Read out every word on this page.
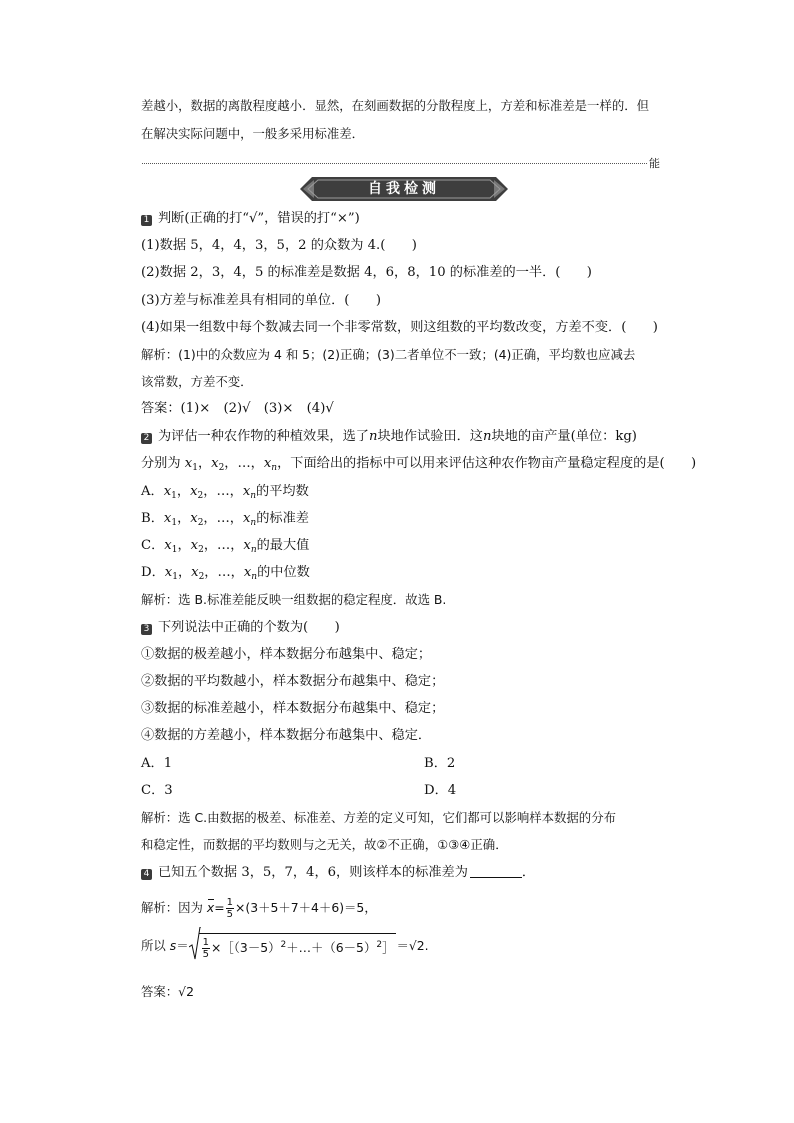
差越小，数据的离散程度越小．显然，在刻画数据的分散程度上，方差和标准差是一样的．但
在解决实际问题中，一般多采用标准差．
能
自我检测
1 判断(正确的打“√”，错误的打“×”)
(1)数据 5，4，4，3，5，2 的众数为 4.(　　)
(2)数据 2，3，4，5 的标准差是数据 4，6，8，10 的标准差的一半．(　　)
(3)方差与标准差具有相同的单位．(　　)
(4)如果一组数中每个数减去同一个非零常数，则这组数的平均数改变，方差不变．(　　)
解析：(1)中的众数应为 4 和 5；(2)正确；(3)二者单位不一致；(4)正确，平均数也应减去
该常数，方差不变．
答案：(1)×　(2)√　(3)×　(4)√
2 为评估一种农作物的种植效果，选了n块地作试验田．这n块地的亩产量(单位：kg)
分别为 $x_1$，$x_2$，…，$x_n$，下面给出的指标中可以用来评估这种农作物亩产量稳定程度的是(　　)
A．$x_1$，$x_2$，…，$x_n$的平均数
B．$x_1$，$x_2$，…，$x_n$的标准差
C．$x_1$，$x_2$，…，$x_n$的最大值
D．$x_1$，$x_2$，…，$x_n$的中位数
解析：选 B.标准差能反映一组数据的稳定程度．故选 B.
3 下列说法中正确的个数为(　　)
①数据的极差越小，样本数据分布越集中、稳定；
②数据的平均数越小，样本数据分布越集中、稳定；
③数据的标准差越小，样本数据分布越集中、稳定；
④数据的方差越小，样本数据分布越集中、稳定．
A．1	B．2
C．3	D．4
解析：选 C.由数据的极差、标准差、方差的定义可知，它们都可以影响样本数据的分布
和稳定性，而数据的平均数则与之无关，故②不正确，①③④正确．
4 已知五个数据 3，5，7，4，6，则该样本的标准差为	．
解析：因为 $x= \frac{1}{5} \times(3+5+7+4+6)=5$，
所以 $s= \frac{1}{5}$ $\times[(3-5)^2+\dots+(6-5)^2] =√2$.
答案：√2
